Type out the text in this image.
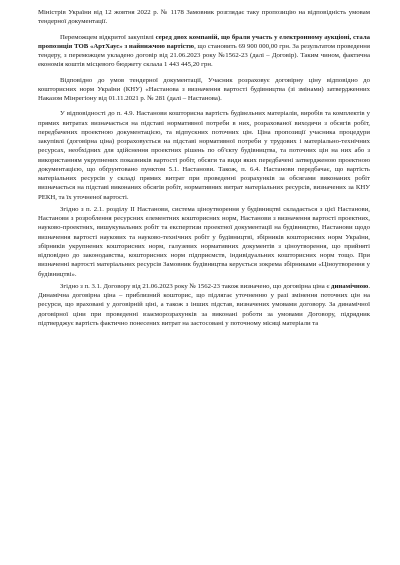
Міністрів України від 12 жовтня 2022 р. № 1178 Замовник розглядає таку пропозицію на відповідність умовам тендерної документації.

Переможцем відкритої закупівлі серед двох компаній, що брали участь у електронному аукціоні, стала пропозиція ТОВ «АртХаус» з найнижчою вартістю, що становить 69 900 000,00 грн. За результатом проведення тендеру, з переможцем укладено договір від 21.06.2023 року №1562-23 (далі – Договір). Таким чином, фактична економія коштів місцевого бюджету склала 1 443 445,20 грн.

Відповідно до умов тендерної документації, Учасник розраховує договірну ціну відповідно до кошторисних норм України (КНУ) «Настанова з визначення вартості будівництва (зі змінами) затвердженних Наказом Мінрегіону від 01.11.2021 р. № 281 (далі – Настанова).

У відповідності до п. 4.9. Настанови кошторисна вартість будівельних матеріалів, виробів та комплектів у прямих витратах визначається на підставі нормативної потреби в них, розрахованої виходячи з обсягів робіт, передбачених проектною документацією, та відпускних поточних цін. Ціна пропозиції учасника процедури закупівлі (договірна ціна) розраховується на підставі нормативної потреби у трудових і матеріально-технічних ресурсах, необхідних для здійснення проектних рішень по об'єкту будівництва, та поточних цін на них або з використанням укрупнених показників вартості робіт, обсяги та види яких передбачені затвердженою проектною документацією, що обґрунтовано пунктом 5.1. Настанови. Також, п. 6.4. Настанови передбачає, що вартість матеріальних ресурсів у складі прямих витрат при проведенні розрахунків за обсягами виконаних робіт визначається на підставі виконаних обсягів робіт, нормативних витрат матеріальних ресурсів, визначених за КНУ РЕКН, та їх уточненої вартості.

Згідно з п. 2.1. розділу II Настанови, система ціноутворення у будівництві складається з цієї Настанови, Настанови з розроблення ресурсних елементних кошторисних норм, Настанови з визначення вартості проектних, науково-проектних, вишукувальних робіт та експертизи проектної документації на будівництво, Настанови щодо визначення вартості наукових та науково-технічних робіт у будівництві, збірників кошторисних норм України, збірників укрупнених кошторисних норм, галузевих нормативних документів з ціноутворення, що прийняті відповідно до законодавства, кошторисних норм підприємств, індивідуальних кошторисних норм тощо. При визначенні вартості матеріальних ресурсів Замовник будівництва керується зокрема збірниками «Ціноутворення у будівництві».

Згідно з п. 3.1. Договору від 21.06.2023 року № 1562-23 також визначено, що договірна ціна є динамічною. Динамічна договірна ціна – приблизний кошторис, що підлягає уточненню у разі змінення поточних цін на ресурси, що враховані у договірній ціні, а також з інших підстав, визначених умовами договору. За динамічної договірної ціни при проведенні взаєморозрахунків за виконані роботи за умовами Договору, підрядник підтверджує вартість фактично понесених витрат на застосовані у поточному місяці матеріали та
